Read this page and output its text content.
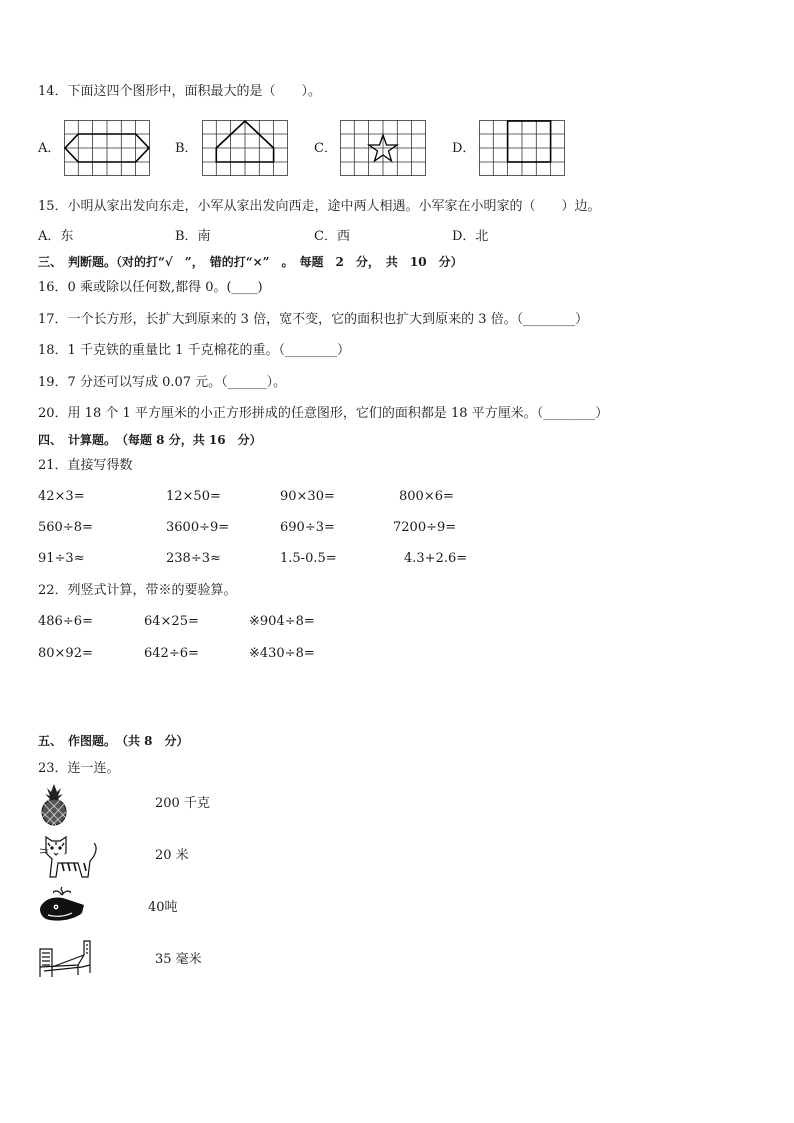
14．下面这四个图形中，面积最大的是（　　）。
A．	B．	C．	D．
15．小明从家出发向东走，小军从家出发向西走，途中两人相遇。小军家在小明家的（　　）边。
A．东	B．南	C．西	D．北
三、　判断题。（对的打“√　”，　错的打“×”　。　每题　2　分，　共　10　分）
16．0 乘或除以任何数,都得 0。(____)
17．一个长方形，长扩大到原来的 3 倍，宽不变，它的面积也扩大到原来的 3 倍。（________）
18．1 千克铁的重量比 1 千克棉花的重。（________）
19．7 分还可以写成 0.07 元。（______）。
20．用 18 个 1 平方厘米的小正方形拼成的任意图形，它们的面积都是 18 平方厘米。（________）
四、　计算题。　（每题 8 分，共 16　分）
21．直接写得数
42×3=	12×50=	90×30=	800×6=
560÷8=	3600÷9=	690÷3=	7200÷9=
91÷3≈	238÷3≈	1.5-0.5=	4.3+2.6=
22．列竖式计算，带※的要验算。
486÷6=	64×25=	※904÷8=
80×92=	642÷6=	※430÷8=
五、　作图题。　（共 8　分）
23．连一连。
200 千克
20 米
40吨
35 毫米
